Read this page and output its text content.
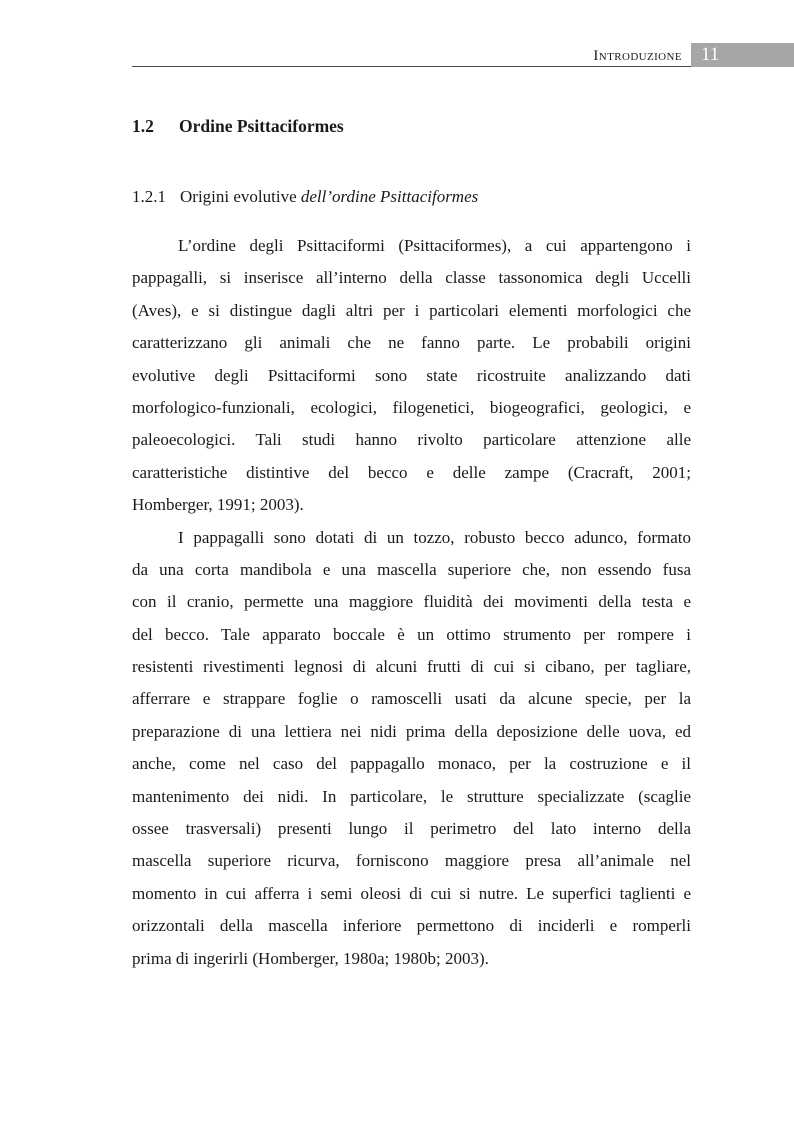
Introduzione 11
1.2 Ordine Psittaciformes
1.2.1 Origini evolutive dell’ordine Psittaciformes
L’ordine degli Psittaciformi (Psittaciformes), a cui appartengono i
pappagalli, si inserisce all’interno della classe tassonomica degli Uccelli
(Aves), e si distingue dagli altri per i particolari elementi morfologici che
caratterizzano gli animali che ne fanno parte. Le probabili origini
evolutive degli Psittaciformi sono state ricostruite analizzando dati
morfologico-funzionali, ecologici, filogenetici, biogeografici, geologici, e
paleoecologici. Tali studi hanno rivolto particolare attenzione alle
caratteristiche distintive del becco e delle zampe (Cracraft, 2001;
Homberger, 1991; 2003).
I pappagalli sono dotati di un tozzo, robusto becco adunco, formato
da una corta mandibola e una mascella superiore che, non essendo fusa
con il cranio, permette una maggiore fluidità dei movimenti della testa e
del becco. Tale apparato boccale è un ottimo strumento per rompere i
resistenti rivestimenti legnosi di alcuni frutti di cui si cibano, per tagliare,
afferrare e strappare foglie o ramoscelli usati da alcune specie, per la
preparazione di una lettiera nei nidi prima della deposizione delle uova, ed
anche, come nel caso del pappagallo monaco, per la costruzione e il
mantenimento dei nidi. In particolare, le strutture specializzate (scaglie
ossee trasversali) presenti lungo il perimetro del lato interno della
mascella superiore ricurva, forniscono maggiore presa all’animale nel
momento in cui afferra i semi oleosi di cui si nutre. Le superfici taglienti e
orizzontali della mascella inferiore permettono di inciderli e romperli
prima di ingerirli (Homberger, 1980a; 1980b; 2003).
